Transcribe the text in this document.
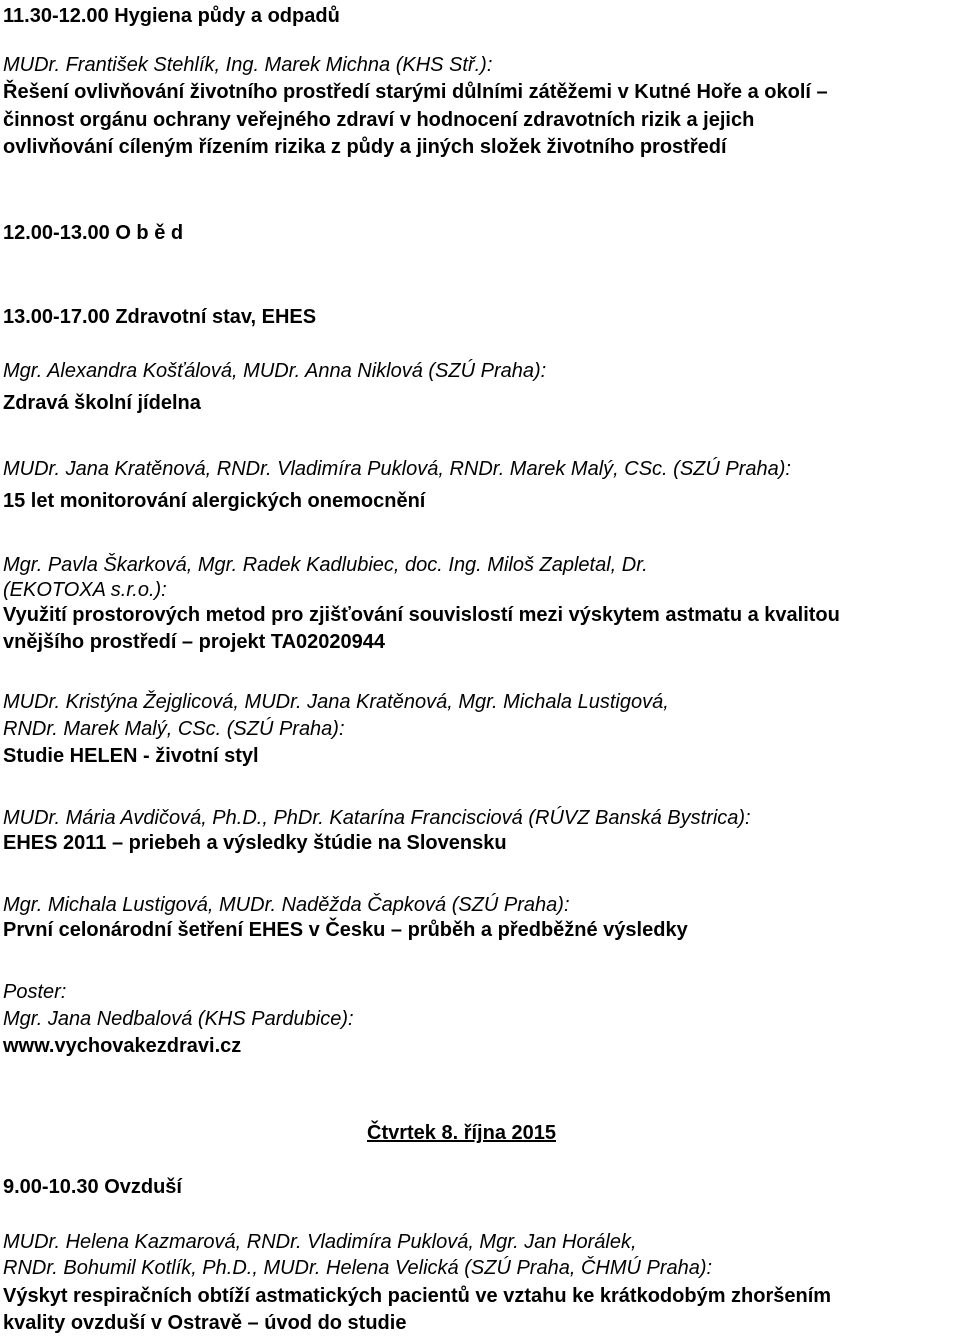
11.30-12.00 Hygiena půdy a odpadů
MUDr. František Stehlík, Ing. Marek Michna (KHS Stř.):
Řešení ovlivňování životního prostředí starými důlními zátěžemi v Kutné Hoře a okolí –
činnost orgánu ochrany veřejného zdraví v hodnocení zdravotních rizik a jejich
ovlivňování cíleným řízením rizika z půdy a jiných složek životního prostředí
12.00-13.00 O b ě d
13.00-17.00 Zdravotní stav, EHES
Mgr. Alexandra Košťálová, MUDr. Anna Niklová (SZÚ Praha):
Zdravá školní jídelna
MUDr. Jana Kratěnová, RNDr. Vladimíra Puklová, RNDr. Marek Malý, CSc. (SZÚ Praha):
15 let monitorování alergických onemocnění
Mgr. Pavla Škarková, Mgr. Radek Kadlubiec, doc. Ing. Miloš Zapletal, Dr.
(EKOTOXA s.r.o.):
Využití prostorových metod pro zjišťování souvislostí mezi výskytem astmatu a kvalitou
vnějšího prostředí – projekt TA02020944
MUDr. Kristýna Žejglicová, MUDr. Jana Kratěnová, Mgr. Michala Lustigová,
RNDr. Marek Malý, CSc. (SZÚ Praha):
Studie HELEN - životní styl
MUDr. Mária Avdičová, Ph.D., PhDr. Katarína Francisciová (RÚVZ Banská Bystrica):
EHES 2011 – priebeh a výsledky štúdie na Slovensku
Mgr. Michala Lustigová, MUDr. Naděžda Čapková (SZÚ Praha):
První celonárodní šetření EHES v Česku – průběh a předběžné výsledky
Poster:
Mgr. Jana Nedbalová (KHS Pardubice):
www.vychovakezdravi.cz
Čtvrtek 8. října 2015
9.00-10.30 Ovzduší
MUDr. Helena Kazmarová, RNDr. Vladimíra Puklová, Mgr. Jan Horálek,
RNDr. Bohumil Kotlík, Ph.D., MUDr. Helena Velická (SZÚ Praha, ČHMÚ Praha):
Výskyt respiračních obtíží astmatických pacientů ve vztahu ke krátkodobým zhoršením
kvality ovzduší v Ostravě – úvod do studie
